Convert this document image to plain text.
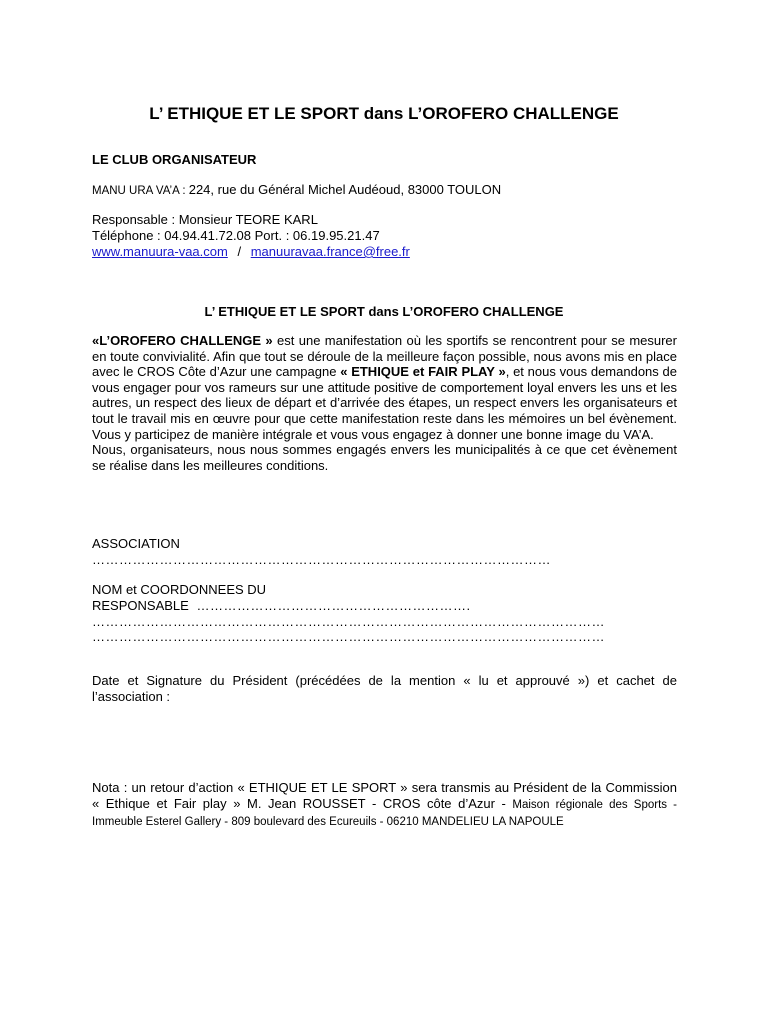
L’ ETHIQUE ET LE SPORT dans L’OROFERO CHALLENGE
LE CLUB ORGANISATEUR
MANU URA VA’A : 224, rue du Général Michel Audéoud, 83000 TOULON
Responsable : Monsieur TEORE KARL
Téléphone : 04.94.41.72.08 Port. : 06.19.95.21.47
www.manuura-vaa.com / manuuravaa.france@free.fr
L’ ETHIQUE ET LE SPORT dans L’OROFERO CHALLENGE

«L’OROFERO CHALLENGE » est une manifestation où les sportifs se rencontrent pour se mesurer en toute convivialité. Afin que tout se déroule de la meilleure façon possible, nous avons mis en place avec le CROS Côte d’Azur une campagne « ETHIQUE et FAIR PLAY », et nous vous demandons de vous engager pour vos rameurs sur une attitude positive de comportement loyal envers les uns et les autres, un respect des lieux de départ et d’arrivée des étapes, un respect envers les organisateurs et tout le travail mis en œuvre pour que cette manifestation reste dans les mémoires un bel évènement. Vous y participez de manière intégrale et vous vous engagez à donner une bonne image du VA’A.

Nous, organisateurs, nous nous sommes engagés envers les municipalités à ce que cet évènement se réalise dans les meilleures conditions.

ASSOCIATION
…………………………………………………………………………………………
NOM et COORDONNEES DU
RESPONSABLE …………………………………………………….
……………………………………………………………………………………………………
……………………………………………………………………………………………………

Date et Signature du Président (précédées de la mention « lu et approuvé ») et cachet de l’association :

Nota : un retour d’action « ETHIQUE ET LE SPORT » sera transmis au Président de la Commission « Ethique et Fair play » M. Jean ROUSSET - CROS côte d’Azur - Maison régionale des Sports - Immeuble Esterel Gallery - 809 boulevard des Ecureuils - 06210 MANDELIEU LA NAPOULE
